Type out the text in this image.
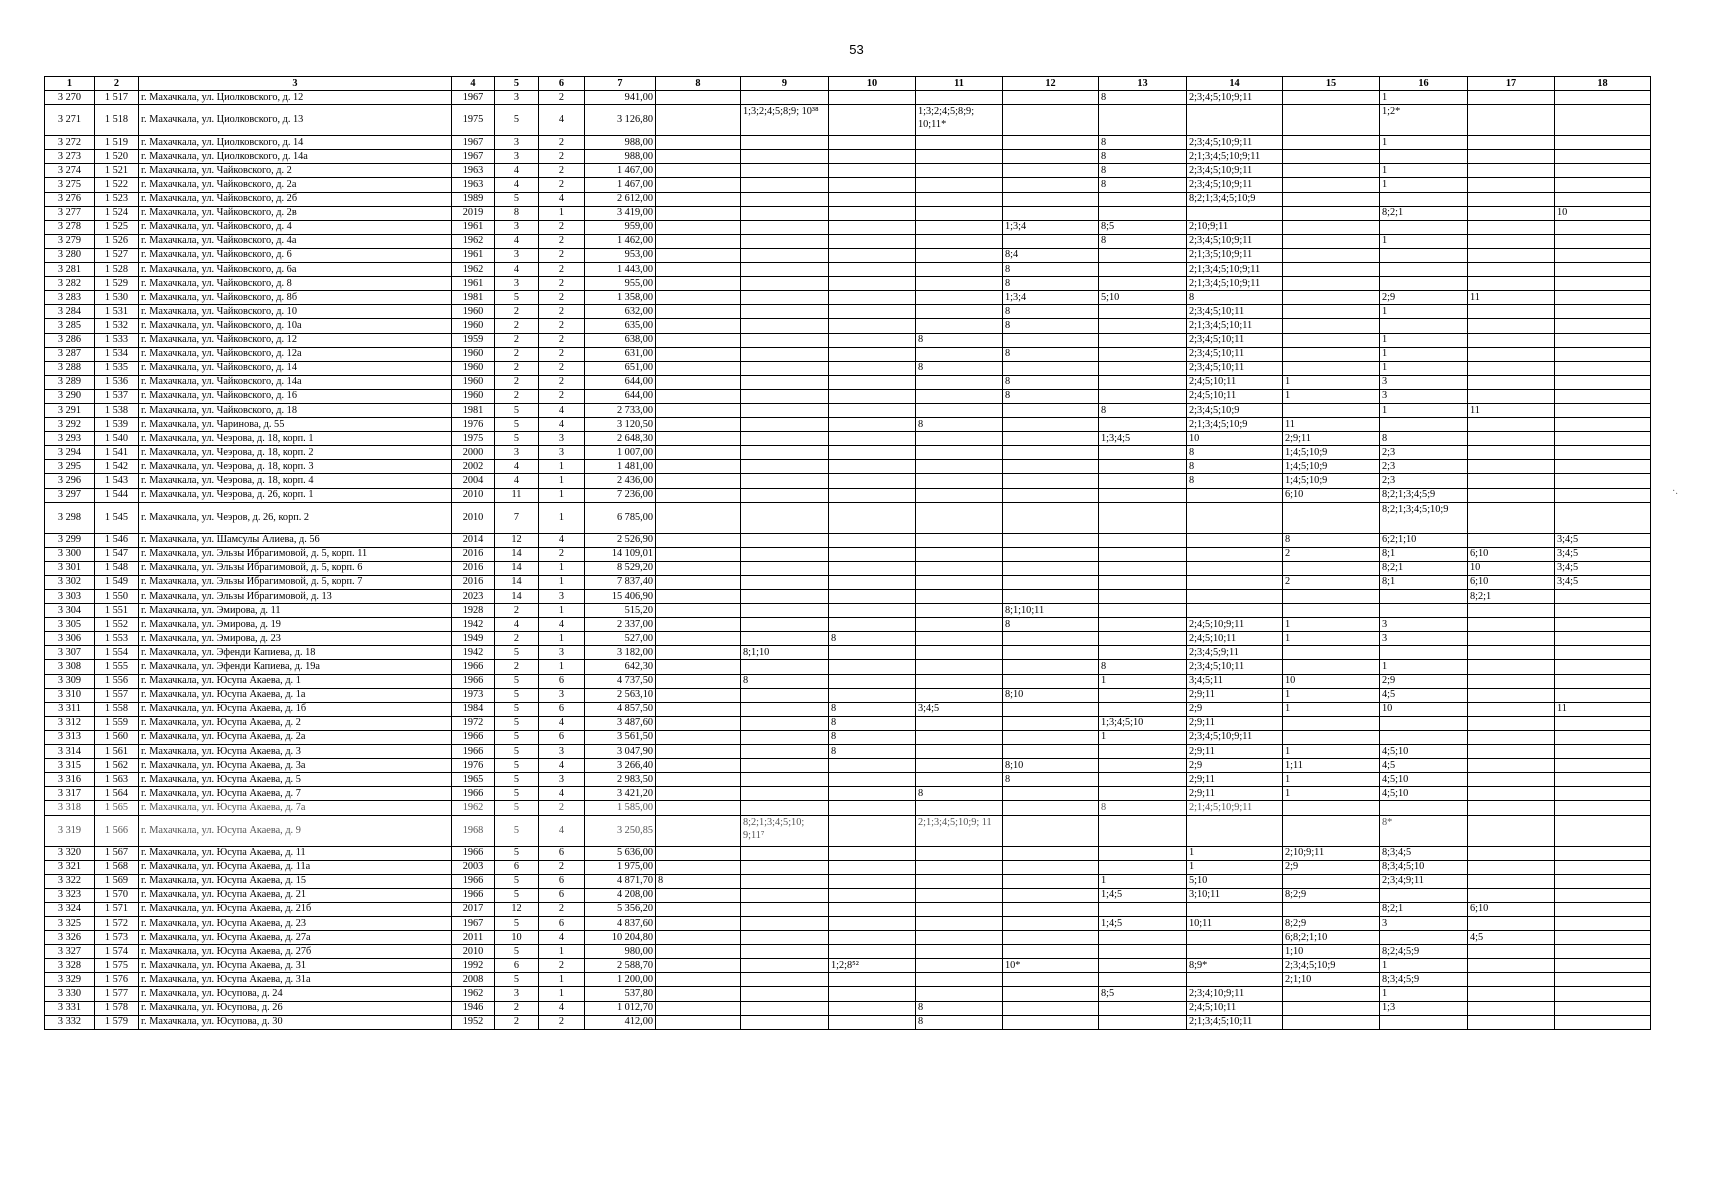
53
1	2	3	4	5	6	7	8	9	10	11	12	13	14	15	16	17	18
3 270	1 517	г. Махачкала, ул. Циолковского, д. 12	1967	3	2	941,00						8	2;3;4;5;10;9;11		1		
3 271	1 518	г. Махачкала, ул. Циолковского, д. 13	1975	5	4	3 126,80		1;3;2;4;5;8;9; 10³⁸		1;3;2;4;5;8;9; 10;11*					1;2*		
3 272	1 519	г. Махачкала, ул. Циолковского, д. 14	1967	3	2	988,00						8	2;3;4;5;10;9;11		1		
3 273	1 520	г. Махачкала, ул. Циолковского, д. 14а	1967	3	2	988,00						8	2;1;3;4;5;10;9;11				
3 274	1 521	г. Махачкала, ул. Чайковского, д. 2	1963	4	2	1 467,00						8	2;3;4;5;10;9;11		1		
3 275	1 522	г. Махачкала, ул. Чайковского, д. 2а	1963	4	2	1 467,00						8	2;3;4;5;10;9;11		1		
3 276	1 523	г. Махачкала, ул. Чайковского, д. 2б	1989	5	4	2 612,00							8;2;1;3;4;5;10;9				
3 277	1 524	г. Махачкала, ул. Чайковского, д. 2в	2019	8	1	3 419,00									8;2;1		10
3 278	1 525	г. Махачкала, ул. Чайковского, д. 4	1961	3	2	959,00					1;3;4	8;5	2;10;9;11				
3 279	1 526	г. Махачкала, ул. Чайковского, д. 4а	1962	4	2	1 462,00						8	2;3;4;5;10;9;11		1		
3 280	1 527	г. Махачкала, ул. Чайковского, д. 6	1961	3	2	953,00					8;4		2;1;3;5;10;9;11				
3 281	1 528	г. Махачкала, ул. Чайковского, д. 6а	1962	4	2	1 443,00					8		2;1;3;4;5;10;9;11				
3 282	1 529	г. Махачкала, ул. Чайковского, д. 8	1961	3	2	955,00					8		2;1;3;4;5;10;9;11				
3 283	1 530	г. Махачкала, ул. Чайковского, д. 8б	1981	5	2	1 358,00					1;3;4	5;10	8		2;9	11	
3 284	1 531	г. Махачкала, ул. Чайковского, д. 10	1960	2	2	632,00					8		2;3;4;5;10;11		1		
3 285	1 532	г. Махачкала, ул. Чайковского, д. 10а	1960	2	2	635,00					8		2;1;3;4;5;10;11				
3 286	1 533	г. Махачкала, ул. Чайковского, д. 12	1959	2	2	638,00				8			2;3;4;5;10;11		1		
3 287	1 534	г. Махачкала, ул. Чайковского, д. 12а	1960	2	2	631,00					8		2;3;4;5;10;11		1		
3 288	1 535	г. Махачкала, ул. Чайковского, д. 14	1960	2	2	651,00				8			2;3;4;5;10;11		1		
3 289	1 536	г. Махачкала, ул. Чайковского, д. 14а	1960	2	2	644,00					8		2;4;5;10;11	1	3		
3 290	1 537	г. Махачкала, ул. Чайковского, д. 16	1960	2	2	644,00					8		2;4;5;10;11	1	3		
3 291	1 538	г. Махачкала, ул. Чайковского, д. 18	1981	5	4	2 733,00						8	2;3;4;5;10;9		1	11	
3 292	1 539	г. Махачкала, ул. Чаринова, д. 55	1976	5	4	3 120,50				8			2;1;3;4;5;10;9	11			
3 293	1 540	г. Махачкала, ул. Чеэрова, д. 18, корп. 1	1975	5	3	2 648,30						1;3;4;5	10	2;9;11	8		
3 294	1 541	г. Махачкала, ул. Чеэрова, д. 18, корп. 2	2000	3	3	1 007,00							8	1;4;5;10;9	2;3		
3 295	1 542	г. Махачкала, ул. Чеэрова, д. 18, корп. 3	2002	4	1	1 481,00							8	1;4;5;10;9	2;3		
3 296	1 543	г. Махачкала, ул. Чеэрова, д. 18, корп. 4	2004	4	1	2 436,00							8	1;4;5;10;9	2;3		
3 297	1 544	г. Махачкала, ул. Чеэрова, д. 26, корп. 1	2010	11	1	7 236,00								6;10	8;2;1;3;4;5;9		
3 298	1 545	г. Махачкала, ул. Чеэров, д. 26, корп. 2	2010	7	1	6 785,00									8;2;1;3;4;5;10;9		
3 299	1 546	г. Махачкала, ул. Шамсулы Алиева, д. 56	2014	12	4	2 526,90								8	6;2;1;10		3;4;5
3 300	1 547	г. Махачкала, ул. Эльзы Ибрагимовой, д. 5, корп. 11	2016	14	2	14 109,01								2	8;1	6;10	3;4;5
3 301	1 548	г. Махачкала, ул. Эльзы Ибрагимовой, д. 5, корп. 6	2016	14	1	8 529,20									8;2;1	10	3;4;5
3 302	1 549	г. Махачкала, ул. Эльзы Ибрагимовой, д. 5, корп. 7	2016	14	1	7 837,40								2	8;1	6;10	3;4;5
3 303	1 550	г. Махачкала, ул. Эльзы Ибрагимовой, д. 13	2023	14	3	15 406,90										8;2;1	
3 304	1 551	г. Махачкала, ул. Эмирова, д. 11	1928	2	1	515,20					8;1;10;11						
3 305	1 552	г. Махачкала, ул. Эмирова, д. 19	1942	4	4	2 337,00					8		2;4;5;10;9;11	1	3		
3 306	1 553	г. Махачкала, ул. Эмирова, д. 23	1949	2	1	527,00			8				2;4;5;10;11	1	3		
3 307	1 554	г. Махачкала, ул. Эфенди Капиева, д. 18	1942	5	3	3 182,00		8;1;10					2;3;4;5;9;11				
3 308	1 555	г. Махачкала, ул. Эфенди Капиева, д. 19а	1966	2	1	642,30						8	2;3;4;5;10;11		1		
3 309	1 556	г. Махачкала, ул. Юсупа Акаева, д. 1	1966	5	6	4 737,50		8				1	3;4;5;11	10	2;9		
3 310	1 557	г. Махачкала, ул. Юсупа Акаева, д. 1а	1973	5	3	2 563,10					8;10		2;9;11	1	4;5		
3 311	1 558	г. Махачкала, ул. Юсупа Акаева, д. 1б	1984	5	6	4 857,50			8	3;4;5			2;9	1	10		11
3 312	1 559	г. Махачкала, ул. Юсупа Акаева, д. 2	1972	5	4	3 487,60			8			1;3;4;5;10	2;9;11				
3 313	1 560	г. Махачкала, ул. Юсупа Акаева, д. 2а	1966	5	6	3 561,50			8			1	2;3;4;5;10;9;11				
3 314	1 561	г. Махачкала, ул. Юсупа Акаева, д. 3	1966	5	3	3 047,90			8				2;9;11	1	4;5;10		
3 315	1 562	г. Махачкала, ул. Юсупа Акаева, д. 3а	1976	5	4	3 266,40					8;10		2;9	1;11	4;5		
3 316	1 563	г. Махачкала, ул. Юсупа Акаева, д. 5	1965	5	3	2 983,50					8		2;9;11	1	4;5;10		
3 317	1 564	г. Махачкала, ул. Юсупа Акаева, д. 7	1966	5	4	3 421,20				8			2;9;11	1	4;5;10		
3 318	1 565	г. Махачкала, ул. Юсупа Акаева, д. 7а	1962	5	2	1 585,00						8	2;1;4;5;10;9;11				
3 319	1 566	г. Махачкала, ул. Юсупа Акаева, д. 9	1968	5	4	3 250,85		8;2;1;3;4;5;10; 9;11⁷		2;1;3;4;5;10;9; 11					8*		
3 320	1 567	г. Махачкала, ул. Юсупа Акаева, д. 11	1966	5	6	5 636,00							1	2;10;9;11	8;3;4;5		
3 321	1 568	г. Махачкала, ул. Юсупа Акаева, д. 11а	2003	6	2	1 975,00							1	2;9	8;3;4;5;10		
3 322	1 569	г. Махачкала, ул. Юсупа Акаева, д. 15	1966	5	6	4 871,70	8					1	5;10		2;3;4;9;11		
3 323	1 570	г. Махачкала, ул. Юсупа Акаева, д. 21	1966	5	6	4 208,00						1;4;5	3;10;11	8;2;9			
3 324	1 571	г. Махачкала, ул. Юсупа Акаева, д. 21б	2017	12	2	5 356,20									8;2;1	6;10	
3 325	1 572	г. Махачкала, ул. Юсупа Акаева, д. 23	1967	5	6	4 837,60						1;4;5	10;11	8;2;9	3		
3 326	1 573	г. Махачкала, ул. Юсупа Акаева, д. 27а	2011	10	4	10 204,80								6;8;2;1;10		4;5	
3 327	1 574	г. Махачкала, ул. Юсупа Акаева, д. 27б	2010	5	1	980,00								1;10	8;2;4;5;9		
3 328	1 575	г. Махачкала, ул. Юсупа Акаева, д. 31	1992	6	2	2 588,70			1;2;8⁵²		10*		8;9*	2;3;4;5;10;9	1		
3 329	1 576	г. Махачкала, ул. Юсупа Акаева, д. 31а	2008	5	1	1 200,00								2;1;10	8;3;4;5;9		
3 330	1 577	г. Махачкала, ул. Юсупова, д. 24	1962	3	1	537,80						8;5	2;3;4;10;9;11		1		
3 331	1 578	г. Махачкала, ул. Юсупова, д. 26	1946	2	4	1 012,70				8			2;4;5;10;11		1;3		
3 332	1 579	г. Махачкала, ул. Юсупова, д. 30	1952	2	2	412,00				8			2;1;3;4;5;10;11				
·.
